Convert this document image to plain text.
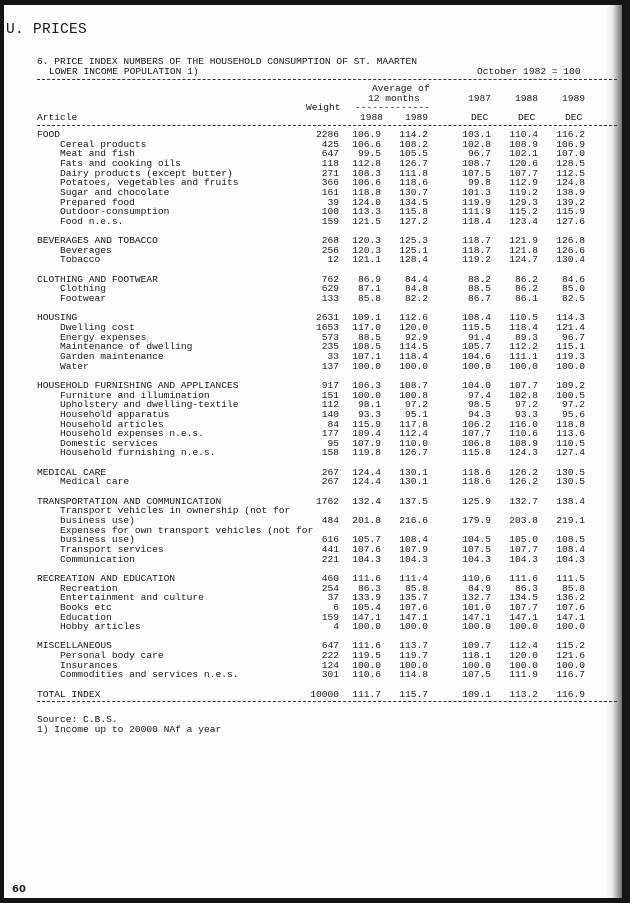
U. PRICES
6. PRICE INDEX NUMBERS OF THE HOUSEHOLD CONSUMPTION OF ST. MAARTEN
LOWER INCOME POPULATION 1)	October 1982 = 100
Average of
12 months	1987 1988 1989
Weight -------------
Article	1988 1989	DEC	DEC	DEC
FOOD	2286	106.9	114.2	103.1	110.4	116.2
Cereal products	425	106.6	108.2	102.8	108.9	106.9
Meat and fish	647	99.5	105.5	96.7	102.1	107.0
Fats and cooking oils	118	112.8	126.7	108.7	120.6	128.5
Dairy products (except butter)	271	108.3	111.8	107.5	107.7	112.5
Potatoes, vegetables and fruits	366	106.6	118.6	99.8	112.9	124.8
Sugar and chocolate	161	118.8	130.7	101.3	119.2	138.9
Prepared food	39	124.0	134.5	119.9	129.3	139.2
Outdoor-consumption	100	113.3	115.8	111.9	115.2	115.9
Food n.e.s.	159	121.5	127.2	118.4	123.4	127.6
BEVERAGES AND TOBACCO	268	120.3	125.3	118.7	121.9	126.8
Beverages	256	120.3	125.1	118.7	121.8	126.6
Tobacco	12	121.1	128.4	119.2	124.7	130.4
CLOTHING AND FOOTWEAR	762	86.9	84.4	88.2	86.2	84.6
Clothing	629	87.1	84.8	88.5	86.2	85.0
Footwear	133	85.8	82.2	86.7	86.1	82.5
HOUSING	2631	109.1	112.6	108.4	110.5	114.3
Dwelling cost	1653	117.0	120.0	115.5	118.4	121.4
Energy expenses	573	88.5	92.9	91.4	89.3	96.7
Maintenance of dwelling	235	108.5	114.5	105.7	112.2	115.1
Garden maintenance	33	107.1	118.4	104.6	111.1	119.3
Water	137	100.0	100.0	100.0	100.0	100.0
HOUSEHOLD FURNISHING AND APPLIANCES	917	106.3	108.7	104.0	107.7	109.2
Furniture and illumination	151	100.0	100.8	97.4	102.8	100.5
Upholstery and dwelling-textile	112	98.1	97.2	98.5	97.2	97.2
Household apparatus	140	93.3	95.1	94.3	93.3	95.6
Household articles	84	115.9	117.8	106.2	116.0	118.8
Household expenses n.e.s.	177	109.4	112.4	107.7	110.6	113.6
Domestic services	95	107.9	110.0	106.8	108.9	110.5
Household furnishing n.e.s.	158	119.8	126.7	115.8	124.3	127.4
MEDICAL CARE	267	124.4	130.1	118.6	126.2	130.5
Medical care	267	124.4	130.1	118.6	126.2	130.5
TRANSPORTATION AND COMMUNICATION	1762	132.4	137.5	125.9	132.7	138.4
Transport vehicles in ownership (not for
business use)	484	201.8	216.6	179.9	203.8	219.1
Expenses for own transport vehicles (not for
business use)	616	105.7	108.4	104.5	105.0	108.5
Transport services	441	107.6	107.9	107.5	107.7	108.4
Communication	221	104.3	104.3	104.3	104.3	104.3
RECREATION AND EDUCATION	460	111.6	111.4	110.6	111.6	111.5
Recreation	254	86.3	85.8	84.9	86.3	85.8
Entertainment and culture	37	133.9	135.7	132.7	134.5	136.2
Books etc	6	105.4	107.6	101.0	107.7	107.6
Education	159	147.1	147.1	147.1	147.1	147.1
Hobby articles	4	100.0	100.0	100.0	100.0	100.0
MISCELLANEOUS	647	111.6	113.7	109.7	112.4	115.2
Personal body care	222	119.5	119.7	118.1	120.0	121.6
Insurances	124	100.0	100.0	100.0	100.0	100.0
Commodities and services n.e.s.	301	110.6	114.8	107.5	111.9	116.7
TOTAL INDEX	10000	111.7	115.7	109.1	113.2	116.9
Source: C.B.S.
1) Income up to 20000 NAf a year
60
